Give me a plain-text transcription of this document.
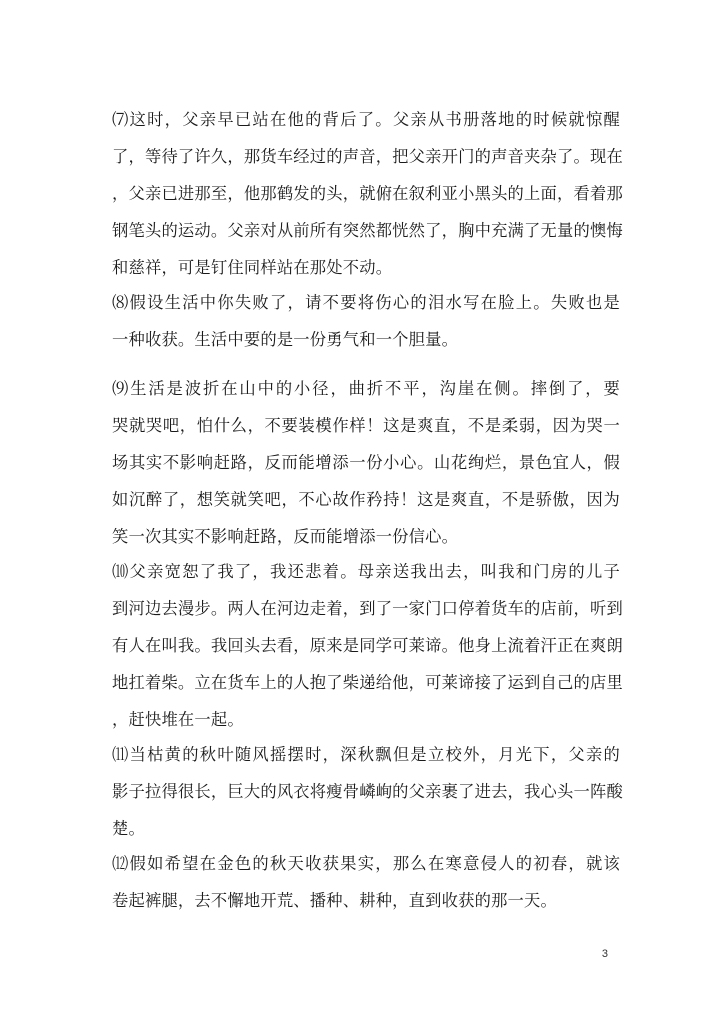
⑺这时，父亲早已站在他的背后了。父亲从书册落地的时候就惊醒
了，等待了许久，那货车经过的声音，把父亲开门的声音夹杂了。现在
，父亲已进那至，他那鹤发的头，就俯在叙利亚小黑头的上面，看着那
钢笔头的运动。父亲对从前所有突然都恍然了，胸中充满了无量的懊悔
和慈祥，可是钉住同样站在那处不动。
⑻假设生活中你失败了，请不要将伤心的泪水写在脸上。失败也是
一种收获。生活中要的是一份勇气和一个胆量。
⑼生活是波折在山中的小径，曲折不平，沟崖在侧。摔倒了，要
哭就哭吧，怕什么，不要装模作样！这是爽直，不是柔弱，因为哭一
场其实不影响赶路，反而能增添一份小心。山花绚烂，景色宜人，假
如沉醉了，想笑就笑吧，不心故作矜持！这是爽直，不是骄傲，因为
笑一次其实不影响赶路，反而能增添一份信心。
⑽父亲宽恕了我了，我还悲着。母亲送我出去，叫我和门房的儿子
到河边去漫步。两人在河边走着，到了一家门口停着货车的店前，听到
有人在叫我。我回头去看，原来是同学可莱谛。他身上流着汗正在爽朗
地扛着柴。立在货车上的人抱了柴递给他，可莱谛接了运到自己的店里
，赶快堆在一起。
⑾当枯黄的秋叶随风摇摆时，深秋飘但是立校外，月光下，父亲的
影子拉得很长，巨大的风衣将瘦骨嶙峋的父亲裹了进去，我心头一阵酸
楚。
⑿假如希望在金色的秋天收获果实，那么在寒意侵人的初春，就该
卷起裤腿，去不懈地开荒、播种、耕种，直到收获的那一天。
3
